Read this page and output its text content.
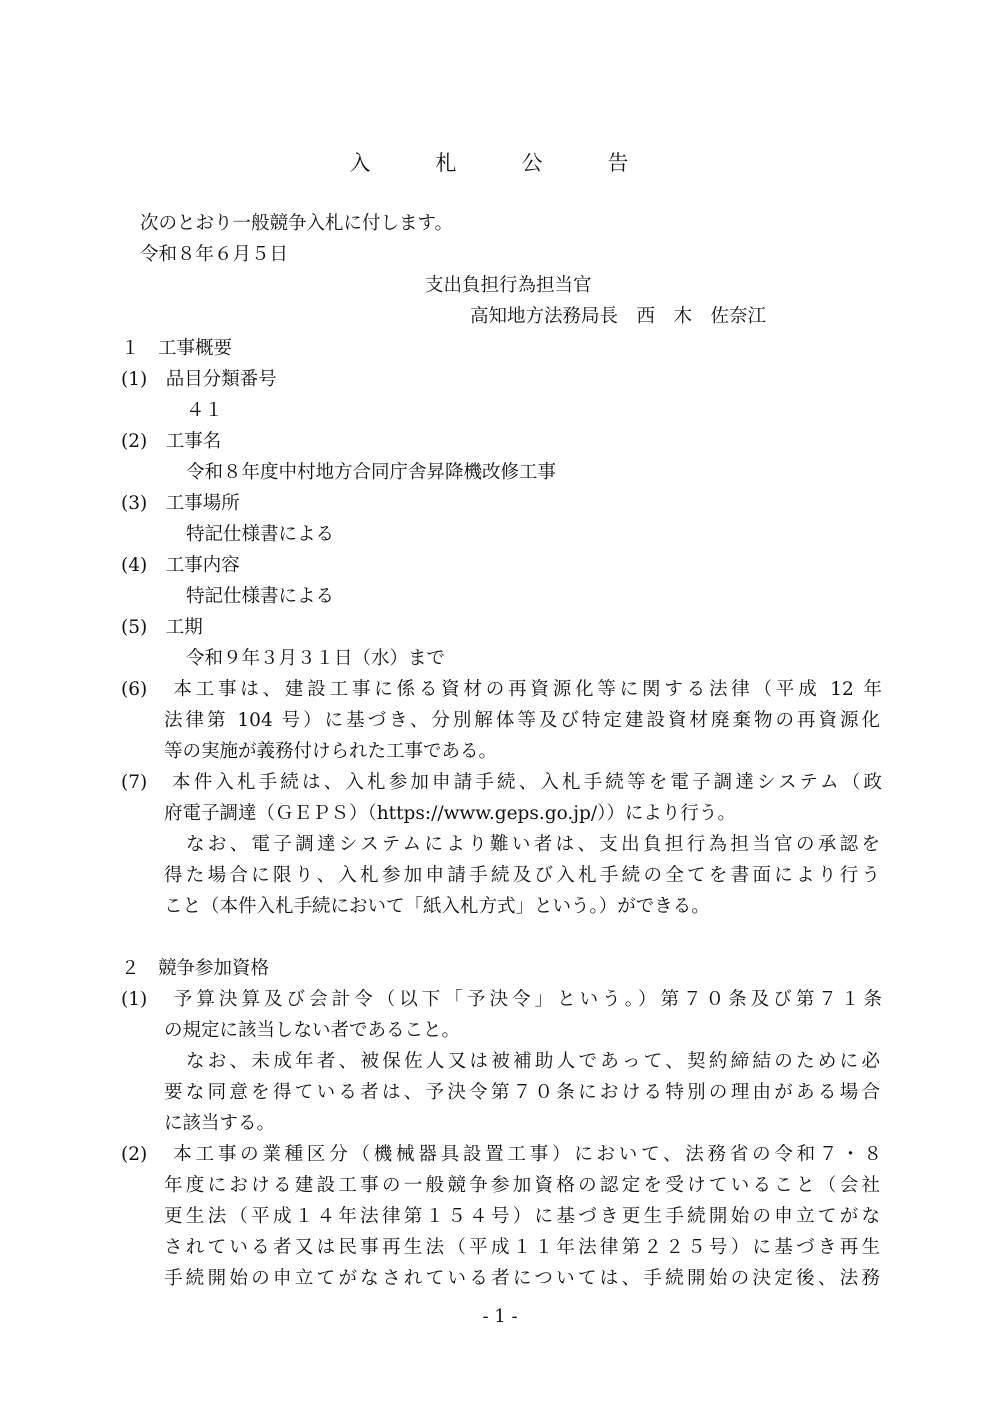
入　札　公　告
次のとおり一般競争入札に付します。
令和８年６月５日
支出負担行為担当官
高知地方法務局長　西　木　佐奈江
１　工事概要
(1)　品目分類番号
４１
(2)　工事名
令和８年度中村地方合同庁舎昇降機改修工事
(3)　工事場所
特記仕様書による
(4)　工事内容
特記仕様書による
(5)　工期
令和９年３月３１日（水）まで
(6)　本工事は、建設工事に係る資材の再資源化等に関する法律（平成 12 年
法律第 104 号）に基づき、分別解体等及び特定建設資材廃棄物の再資源化
等の実施が義務付けられた工事である。
(7)　本件入札手続は、入札参加申請手続、入札手続等を電子調達システム（政
府電子調達（ＧＥＰＳ）（https://www.geps.go.jp/））により行う。
なお、電子調達システムにより難い者は、支出負担行為担当官の承認を
得た場合に限り、入札参加申請手続及び入札手続の全てを書面により行う
こと（本件入札手続において「紙入札方式」という。）ができる。
２　競争参加資格
(1)　予算決算及び会計令（以下「予決令」という。）第７０条及び第７１条
の規定に該当しない者であること。
なお、未成年者、被保佐人又は被補助人であって、契約締結のために必
要な同意を得ている者は、予決令第７０条における特別の理由がある場合
に該当する。
(2)　本工事の業種区分（機械器具設置工事）において、法務省の令和７・８
年度における建設工事の一般競争参加資格の認定を受けていること（会社
更生法（平成１４年法律第１５４号）に基づき更生手続開始の申立てがな
されている者又は民事再生法（平成１１年法律第２２５号）に基づき再生
手続開始の申立てがなされている者については、手続開始の決定後、法務
- 1 -
